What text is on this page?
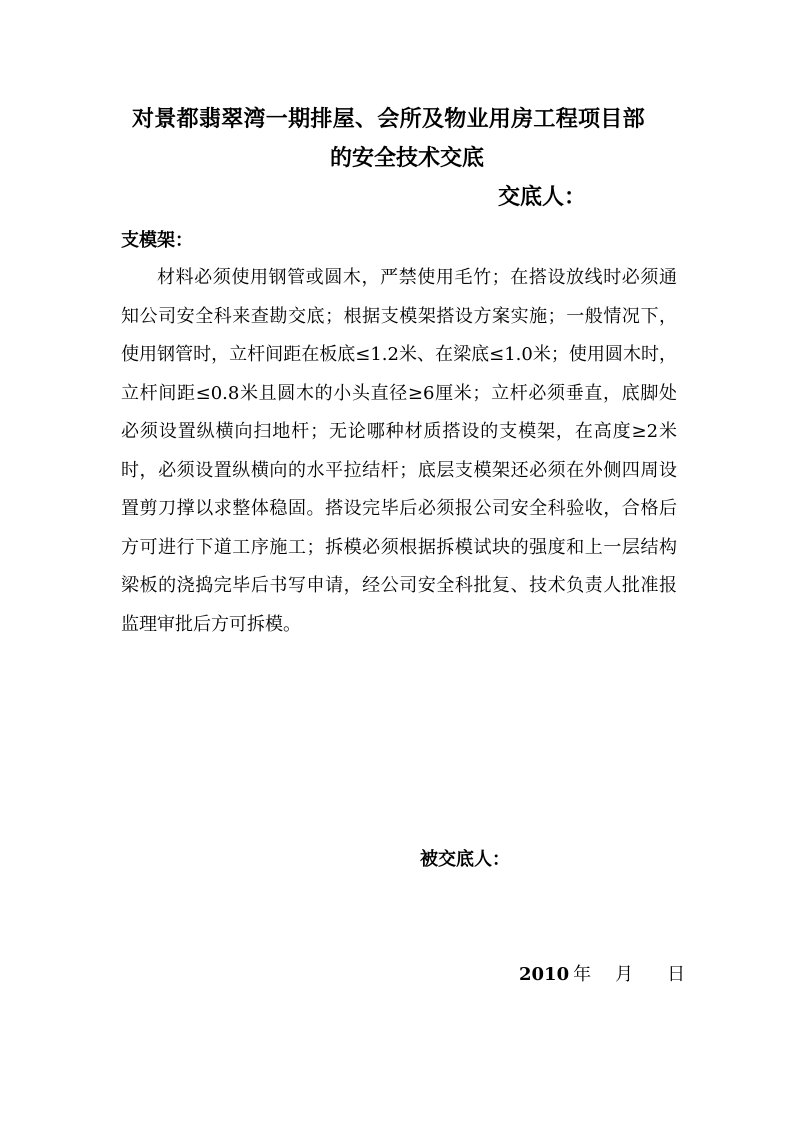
对景都翡翠湾一期排屋、会所及物业用房工程项目部
的安全技术交底
交底人：
支模架：

材料必须使用钢管或圆木，严禁使用毛竹；在搭设放线时必须通知公司安全科来查勘交底；根据支模架搭设方案实施；一般情况下，使用钢管时，立杆间距在板底≤1.2米、在梁底≤1.0米；使用圆木时，立杆间距≤0.8米且圆木的小头直径≥6厘米；立杆必须垂直，底脚处必须设置纵横向扫地杆；无论哪种材质搭设的支模架，在高度≥2米时，必须设置纵横向的水平拉结杆；底层支模架还必须在外侧四周设置剪刀撑以求整体稳固。搭设完毕后必须报公司安全科验收，合格后方可进行下道工序施工；拆模必须根据拆模试块的强度和上一层结构梁板的浇捣完毕后书写申请，经公司安全科批复、技术负责人批准报监理审批后方可拆模。

被交底人：
2010 年 月 日
